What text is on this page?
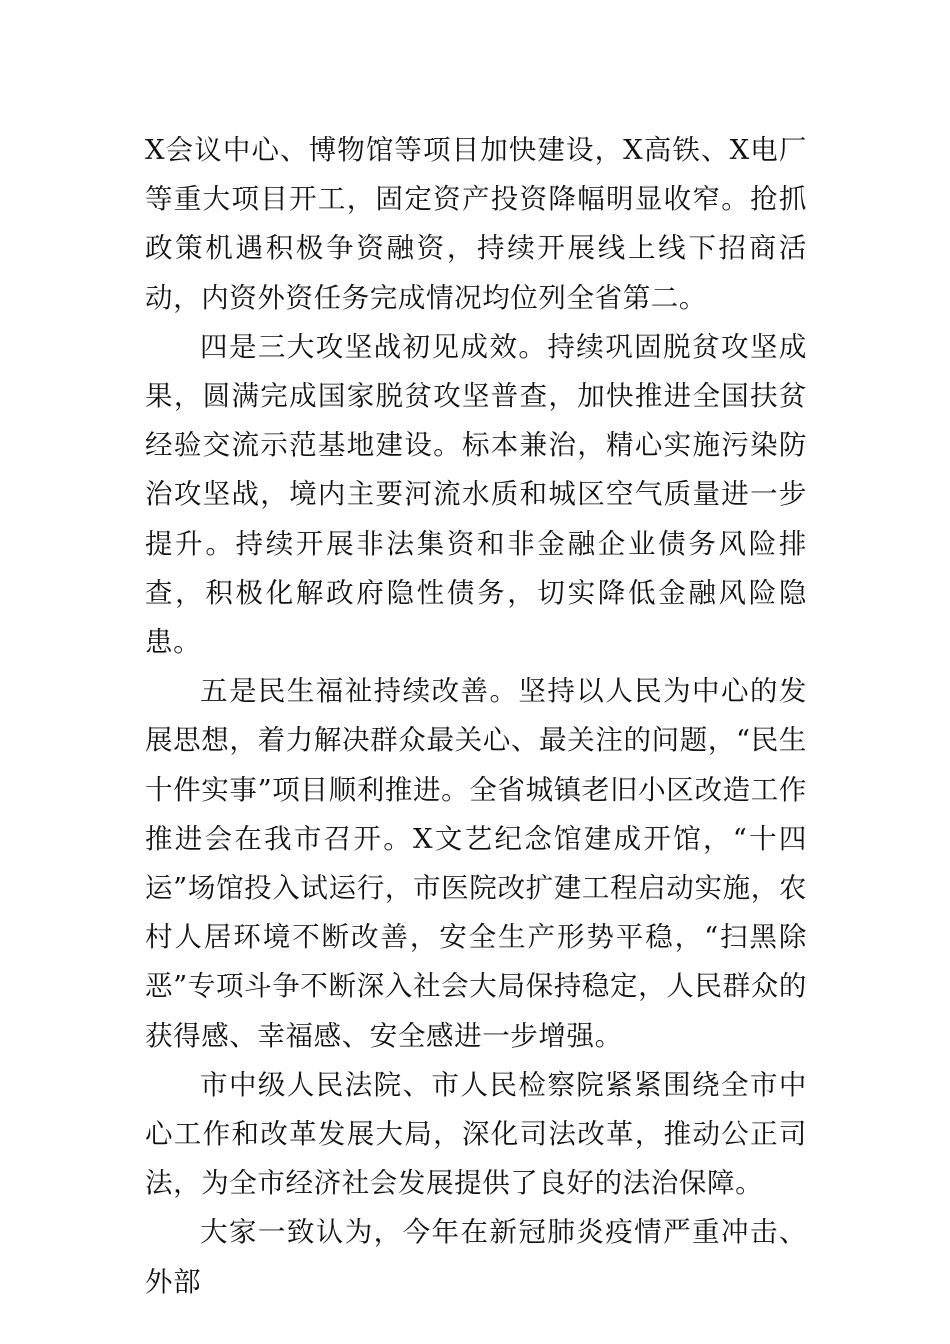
X会议中心、博物馆等项目加快建设，X高铁、X电厂等重大项目开工，固定资产投资降幅明显收窄。抢抓政策机遇积极争资融资，持续开展线上线下招商活动，内资外资任务完成情况均位列全省第二。

四是三大攻坚战初见成效。持续巩固脱贫攻坚成果，圆满完成国家脱贫攻坚普查，加快推进全国扶贫经验交流示范基地建设。标本兼治，精心实施污染防治攻坚战，境内主要河流水质和城区空气质量进一步提升。持续开展非法集资和非金融企业债务风险排查，积极化解政府隐性债务，切实降低金融风险隐患。

五是民生福祉持续改善。坚持以人民为中心的发展思想，着力解决群众最关心、最关注的问题，“民生十件实事”项目顺利推进。全省城镇老旧小区改造工作推进会在我市召开。X文艺纪念馆建成开馆，“十四运”场馆投入试运行，市医院改扩建工程启动实施，农村人居环境不断改善，安全生产形势平稳，“扫黑除恶”专项斗争不断深入社会大局保持稳定，人民群众的获得感、幸福感、安全感进一步增强。

市中级人民法院、市人民检察院紧紧围绕全市中心工作和改革发展大局，深化司法改革，推动公正司法，为全市经济社会发展提供了良好的法治保障。

大家一致认为，今年在新冠肺炎疫情严重冲击、外部
